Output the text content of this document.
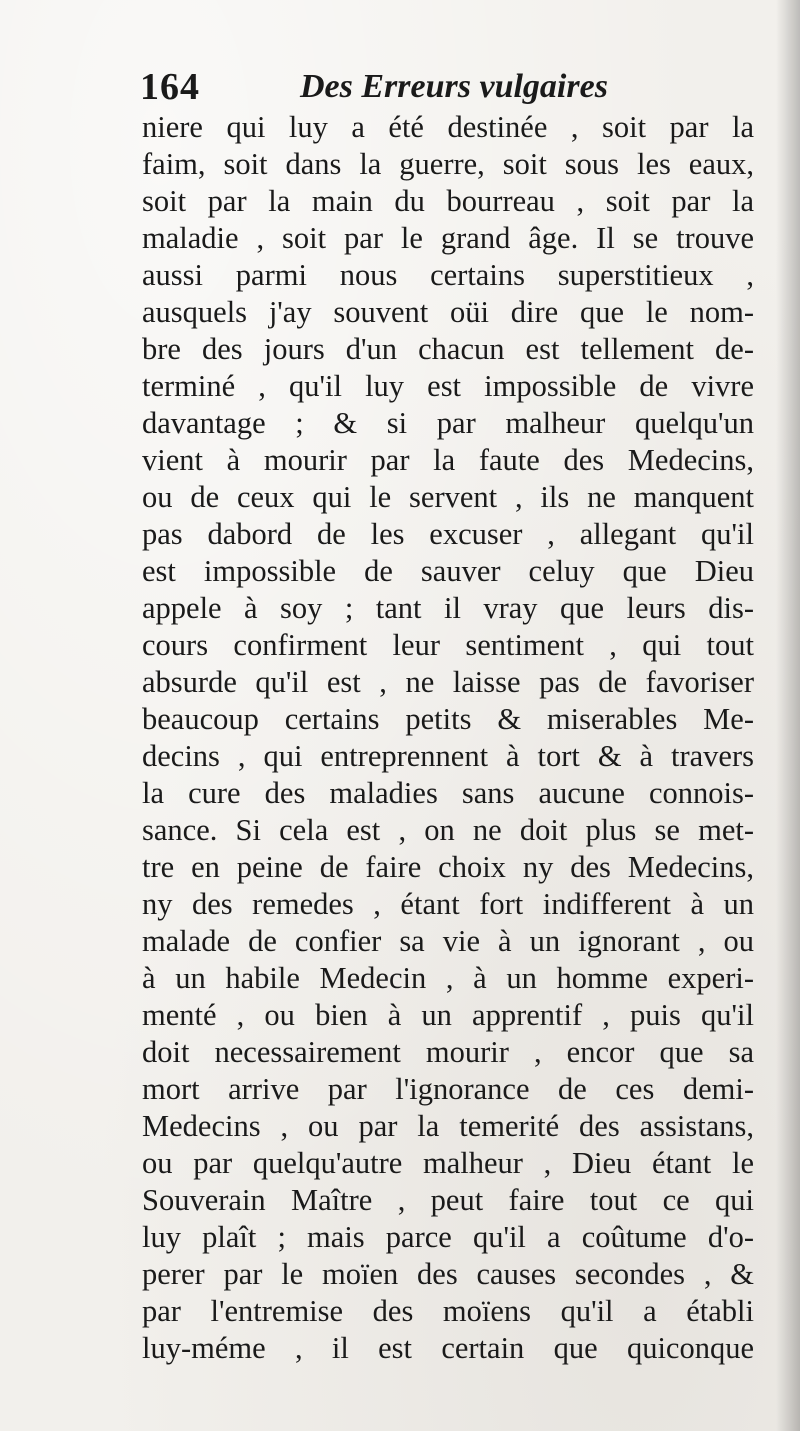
164	Des Erreurs vulgaires
niere qui luy a été destinée , soit par la
faim, soit dans la guerre, soit sous les eaux,
soit par la main du bourreau , soit par la
maladie , soit par le grand âge. Il se trouve
aussi parmi nous certains superstitieux ,
ausquels j'ay souvent oüi dire que le nom-
bre des jours d'un chacun est tellement de-
terminé , qu'il luy est impossible de vivre
davantage ; & si par malheur quelqu'un
vient à mourir par la faute des Medecins,
ou de ceux qui le servent , ils ne manquent
pas dabord de les excuser , allegant qu'il
est impossible de sauver celuy que Dieu
appele à soy ; tant il vray que leurs dis-
cours confirment leur sentiment , qui tout
absurde qu'il est , ne laisse pas de favoriser
beaucoup certains petits & miserables Me-
decins , qui entreprennent à tort & à travers
la cure des maladies sans aucune connois-
sance. Si cela est , on ne doit plus se met-
tre en peine de faire choix ny des Medecins,
ny des remedes , étant fort indifferent à un
malade de confier sa vie à un ignorant , ou
à un habile Medecin , à un homme experi-
menté , ou bien à un apprentif , puis qu'il
doit necessairement mourir , encor que sa
mort arrive par l'ignorance de ces demi-
Medecins , ou par la temerité des assistans,
ou par quelqu'autre malheur , Dieu étant le
Souverain Maître , peut faire tout ce qui
luy plaît ; mais parce qu'il a coûtume d'o-
perer par le moïen des causes secondes , &
par l'entremise des moïens qu'il a établi
luy-méme , il est certain que quiconque
